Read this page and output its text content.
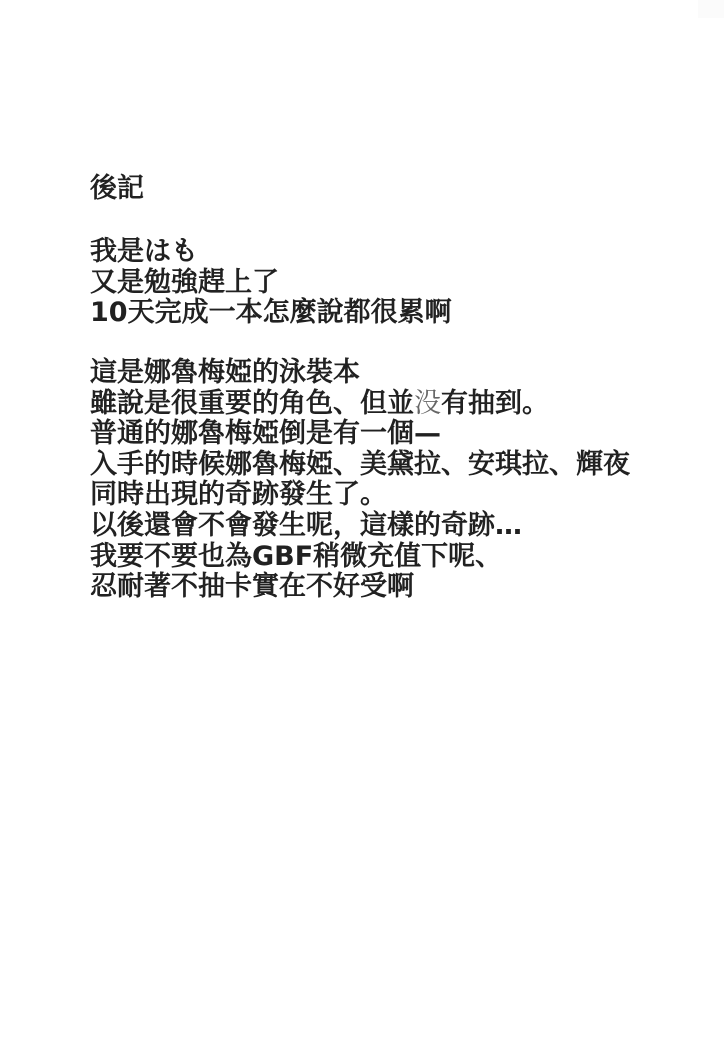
後記
我是はも
又是勉強趕上了
10天完成一本怎麼說都很累啊
這是娜魯梅婭的泳裝本
雖說是很重要的角色、但並没有抽到。
普通的娜魯梅婭倒是有一個—
入手的時候娜魯梅婭、美黛拉、安琪拉、輝夜
同時出現的奇跡發生了。
以後還會不會發生呢，這樣的奇跡…
我要不要也為GBF稍微充值下呢、
忍耐著不抽卡實在不好受啊
